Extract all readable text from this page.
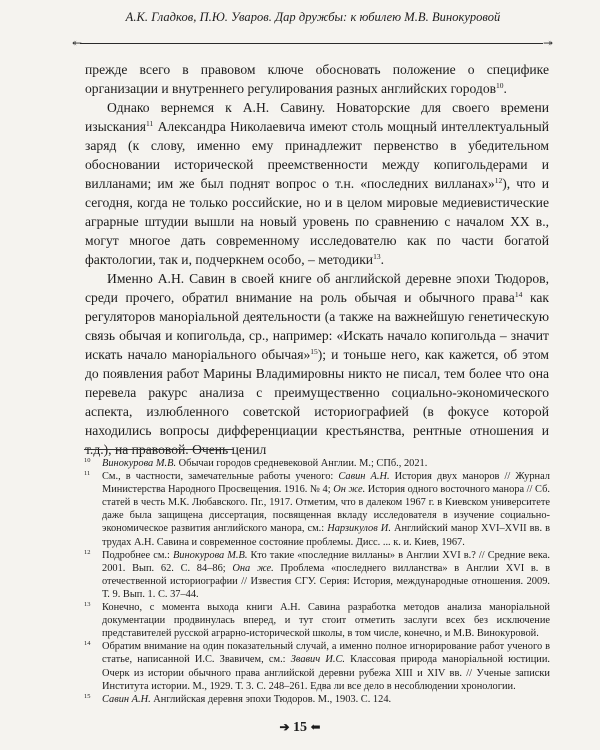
А.К. Гладков, П.Ю. Уваров. Дар дружбы: к юбилею М.В. Винокуровой
↞	↠

прежде всего в правовом ключе обосновать положение о специфике организации и внутреннего регулирования разных английских городов$^{10}$.

Однако вернемся к А.Н. Савину. Новаторские для своего времени изыскания$^{11}$ Александра Николаевича имеют столь мощный интеллектуальный заряд (к слову, именно ему принадлежит первенство в убедительном обосновании исторической преемственности между копигольдерами и вилланами; им же был поднят вопрос о т.н. «последних вилланах»$^{12}$), что и сегодня, когда не только российские, но и в целом мировые медиевистические аграрные штудии вышли на новый уровень по сравнению с началом XX в., могут многое дать современному исследователю как по части богатой фактологии, так и, подчеркнем особо, – методики$^{13}$.

Именно А.Н. Савин в своей книге об английской деревне эпохи Тюдоров, среди прочего, обратил внимание на роль обычая и обычного права$^{14}$ как регуляторов маноріальной деятельности (а также на важнейшую генетическую связь обычая и копигольда, ср., например: «Искать начало копигольда – значит искать начало маноріального обычая»$^{15}$); и тоньше него, как кажется, об этом до появления работ Марины Владимировны никто не писал, тем более что она перевела ракурс анализа с преимущественно социально-экономического аспекта, излюбленного советской историографией (в фокусе которой находились вопросы дифференциации крестьянства, рентные отношения и т.д.), на правовой. Очень ценил

10 Винокурова М.В. Обычаи городов средневековой Англии. М.; СПб., 2021.

11 См., в частности, замечательные работы ученого: Савин А.Н. История двух маноров // Журнал Министерства Народного Просвещения. 1916. № 4; Он же. История одного восточного манора // Сб. статей в честь М.К. Любавского. Пг., 1917. Отметим, что в далеком 1967 г. в Киевском университете даже была защищена диссертация, посвященная вкладу исследователя в изучение социально-экономическое развития английского манора, см.: Нарзикулов И. Английский манор XVI–XVII вв. в трудах А.Н. Савина и современное состояние проблемы. Дисс. ... к. и. Киев, 1967.

12 Подробнее см.: Винокурова М.В. Кто такие «последние вилланы» в Англии XVI в.? // Средние века. 2001. Вып. 62. С. 84–86; Она же. Проблема «последнего вилланства» в Англии XVI в. в отечественной историографии // Известия СГУ. Серия: История, международные отношения. 2009. Т. 9. Вып. 1. С. 37–44.

13 Конечно, с момента выхода книги А.Н. Савина разработка методов анализа маноріальной документации продвинулась вперед, и тут стоит отметить заслуги всех без исключение представителей русской аграрно-исторической школы, в том числе, конечно, и М.В. Винокуровой.

14 Обратим внимание на один показательный случай, а именно полное игнорирование работ ученого в статье, написанной И.С. Звавичем, см.: Звавич И.С. Классовая природа маноріальной юстиции. Очерк из истории обычного права английской деревни рубежа XIII и XIV вв. // Ученые записки Института истории. М., 1929. Т. 3. С. 248–261. Едва ли все дело в несоблюдении хронологии.

15 Савин А.Н. Английская деревня эпохи Тюдоров. М., 1903. С. 124.

➔ 15 ⬅
